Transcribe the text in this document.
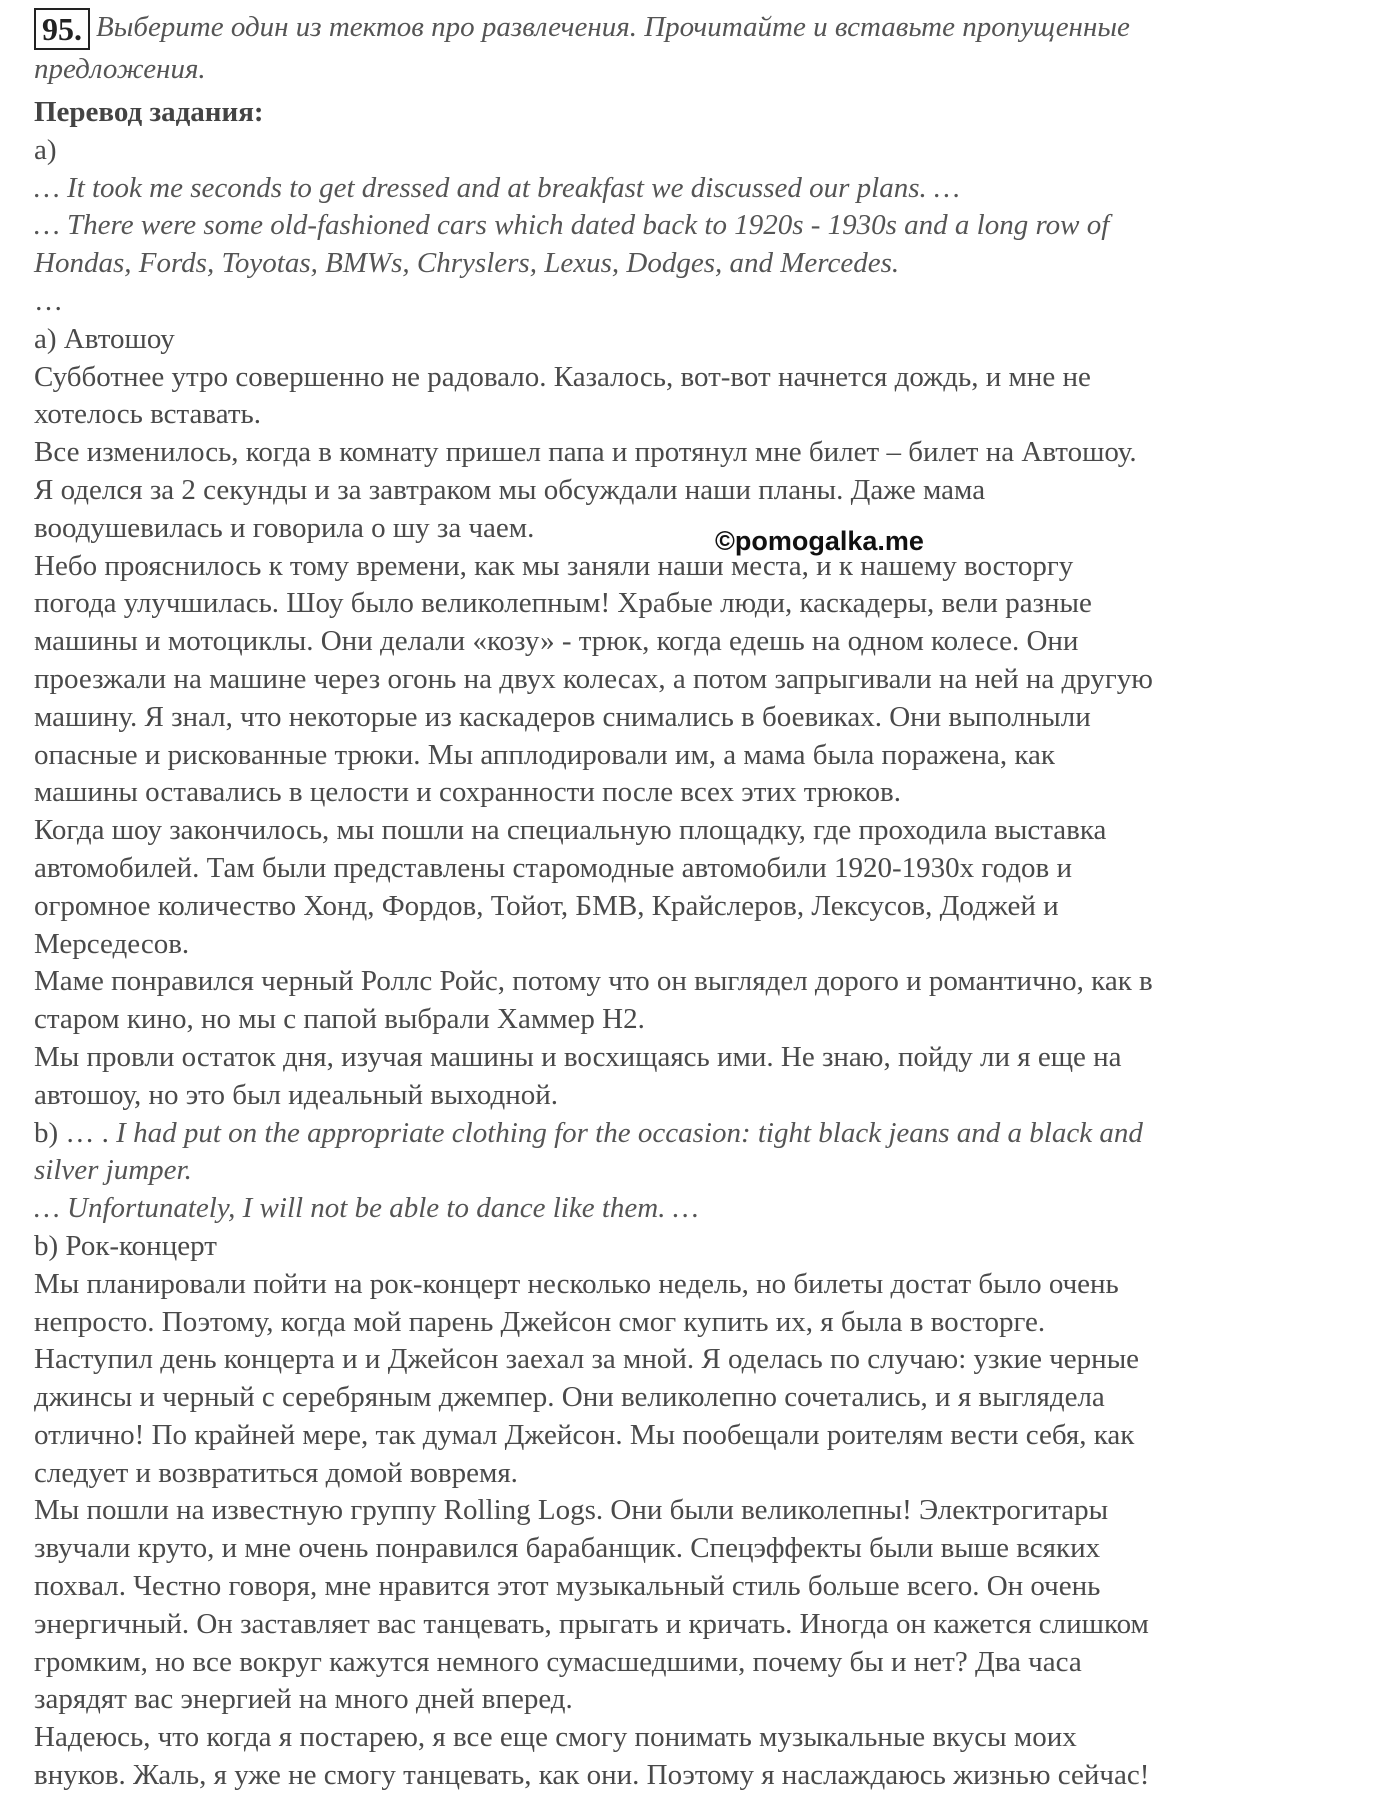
95. Выберите один из тектов про развлечения. Прочитайте и вставьте пропущенные
предложения.
Перевод задания:
а)
… It took me seconds to get dressed and at breakfast we discussed our plans. …
… There were some old-fashioned cars which dated back to 1920s - 1930s and a long row of
Hondas, Fords, Toyotas, BMWs, Chryslers, Lexus, Dodges, and Mercedes.
…
а) Автошоу
Субботнее утро совершенно не радовало. Казалось, вот-вот начнется дождь, и мне не
хотелось вставать.
Все изменилось, когда в комнату пришел папа и протянул мне билет – билет на Автошоу.
Я оделся за 2 секунды и за завтраком мы обсуждали наши планы. Даже мама
воодушевилась и говорила о шу за чаем.
Небо прояснилось к тому времени, как мы заняли наши места, и к нашему восторгу
погода улучшилась. Шоу было великолепным! Храбые люди, каскадеры, вели разные
машины и мотоциклы. Они делали «козу» - трюк, когда едешь на одном колесе. Они
проезжали на машине через огонь на двух колесах, а потом запрыгивали на ней на другую
машину. Я знал, что некоторые из каскадеров снимались в боевиках. Они выполныли
опасные и рискованные трюки. Мы апплодировали им, а мама была поражена, как
машины оставались в целости и сохранности после всех этих трюков.
Когда шоу закончилось, мы пошли на специальную площадку, где проходила выставка
автомобилей. Там были представлены старомодные автомобили 1920-1930х годов и
огромное количество Хонд, Фордов, Тойот, БМВ, Крайслеров, Лексусов, Доджей и
Мерседесов.
Маме понравился черный Роллс Ройс, потому что он выглядел дорого и романтично, как в
старом кино, но мы с папой выбрали Хаммер Н2.
Мы провли остаток дня, изучая машины и восхищаясь ими. Не знаю, пойду ли я еще на
автошоу, но это был идеальный выходной.
b) … . I had put on the appropriate clothing for the occasion: tight black jeans and a black and
silver jumper.
… Unfortunately, I will not be able to dance like them. …
b) Рок-концерт
Мы планировали пойти на рок-концерт несколько недель, но билеты достат было очень
непросто. Поэтому, когда мой парень Джейсон смог купить их, я была в восторге.
Наступил день концерта и и Джейсон заехал за мной. Я оделась по случаю: узкие черные
джинсы и черный с серебряным джемпер. Они великолепно сочетались, и я выглядела
отлично! По крайней мере, так думал Джейсон. Мы пообещали роителям вести себя, как
следует и возвратиться домой вовремя.
Мы пошли на известную группу Rolling Logs. Они были великолепны! Электрогитары
звучали круто, и мне очень понравился барабанщик. Спецэффекты были выше всяких
похвал. Честно говоря, мне нравится этот музыкальный стиль больше всего. Он очень
энергичный. Он заставляет вас танцевать, прыгать и кричать. Иногда он кажется слишком
громким, но все вокруг кажутся немного сумасшедшими, почему бы и нет? Два часа
зарядят вас энергией на много дней вперед.
Надеюсь, что когда я постарею, я все еще смогу понимать музыкальные вкусы моих
внуков. Жаль, я уже не смогу танцевать, как они. Поэтому я наслаждаюсь жизнью сейчас!
©pomogalka.me
